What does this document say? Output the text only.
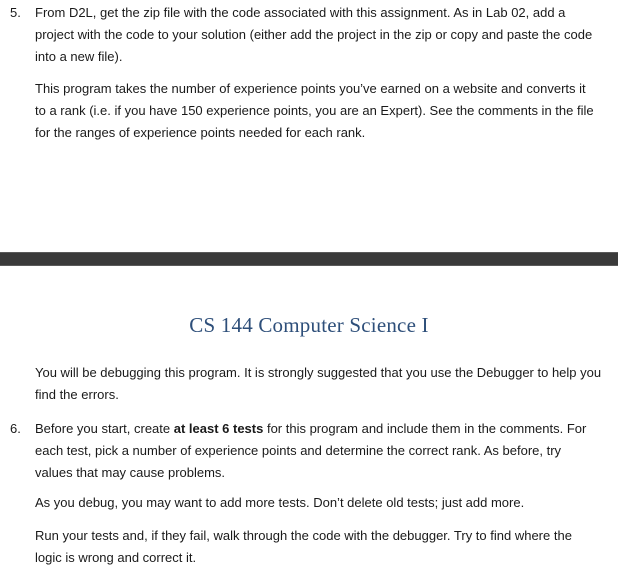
5.	From D2L, get the zip file with the code associated with this assignment. As in Lab 02, add a project with the code to your solution (either add the project in the zip or copy and paste the code into a new file).

This program takes the number of experience points you’ve earned on a website and converts it to a rank (i.e. if you have 150 experience points, you are an Expert). See the comments in the file for the ranges of experience points needed for each rank.

CS 144 Computer Science I

You will be debugging this program. It is strongly suggested that you use the Debugger to help you find the errors.

6.	Before you start, create at least 6 tests for this program and include them in the comments. For each test, pick a number of experience points and determine the correct rank. As before, try values that may cause problems.

As you debug, you may want to add more tests. Don’t delete old tests; just add more.

Run your tests and, if they fail, walk through the code with the debugger. Try to find where the logic is wrong and correct it.
